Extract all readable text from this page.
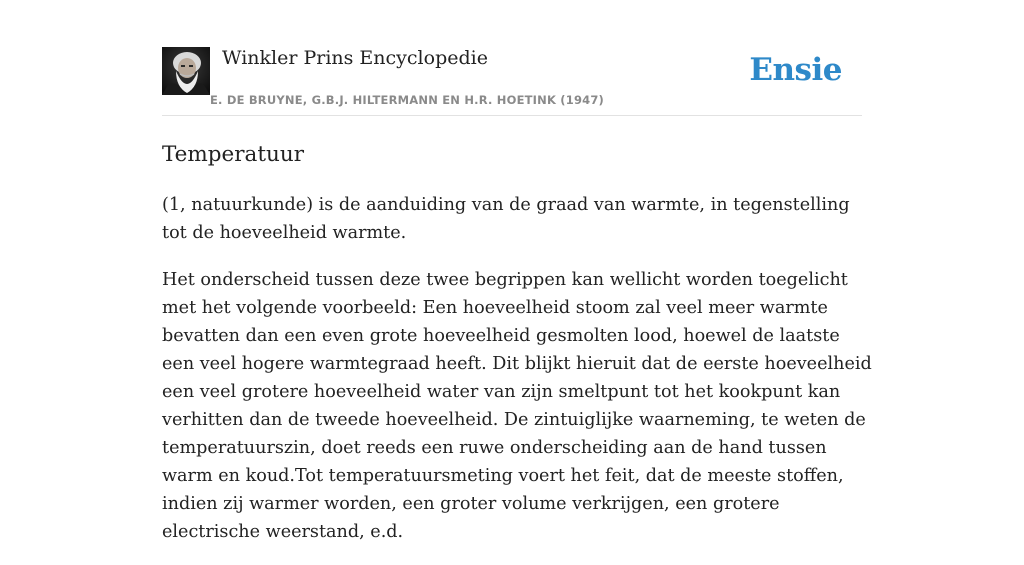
Winkler Prins Encyclopedie
E. DE BRUYNE, G.B.J. HILTERMANN EN H.R. HOETINK (1947)
Ensie
Temperatuur

(1, natuurkunde) is de aanduiding van de graad van warmte, in tegenstelling tot de hoeveelheid warmte.

Het onderscheid tussen deze twee begrippen kan wellicht worden toegelicht met het volgende voorbeeld: Een hoeveelheid stoom zal veel meer warmte bevatten dan een even grote hoeveelheid gesmolten lood, hoewel de laatste een veel hogere warmtegraad heeft. Dit blijkt hieruit dat de eerste hoeveelheid een veel grotere hoeveelheid water van zijn smeltpunt tot het kookpunt kan verhitten dan de tweede hoeveelheid. De zintuiglijke waarneming, te weten de temperatuurszin, doet reeds een ruwe onderscheiding aan de hand tussen warm en koud.Tot temperatuursmeting voert het feit, dat de meeste stoffen, indien zij warmer worden, een groter volume verkrijgen, een grotere electrische weerstand, e.d.
